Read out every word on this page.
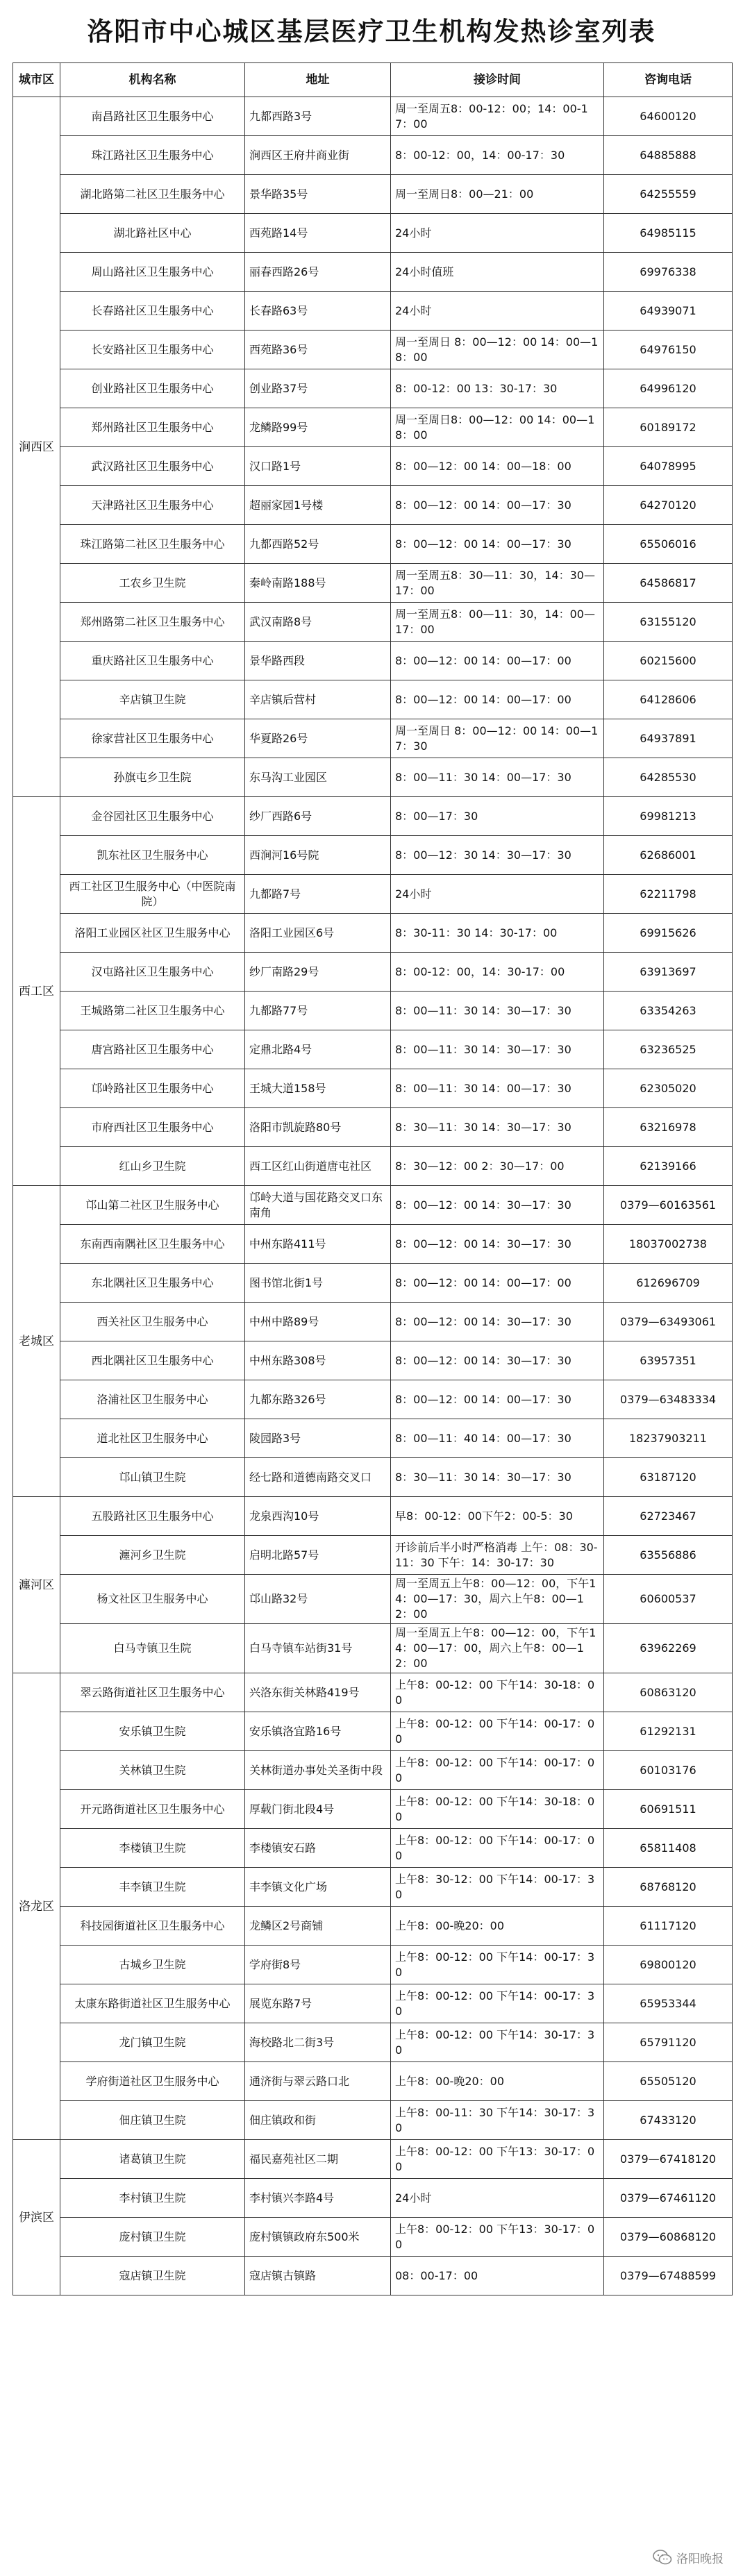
洛阳市中心城区基层医疗卫生机构发热诊室列表
城市区	机构名称	地址	接诊时间	咨询电话
涧西区	南昌路社区卫生服务中心	九都西路3号	周一至周五8：00-12：00；14：00-17：00	64600120
	珠江路社区卫生服务中心	涧西区王府井商业街	8：00-12：00，14：00-17：30	64885888
	湖北路第二社区卫生服务中心	景华路35号	周一至周日8：00—21：00	64255559
	湖北路社区中心	西苑路14号	24小时	64985115
	周山路社区卫生服务中心	丽春西路26号	24小时值班	69976338
	长春路社区卫生服务中心	长春路63号	24小时	64939071
	长安路社区卫生服务中心	西苑路36号	周一至周日 8：00—12：00 14：00—18：00	64976150
	创业路社区卫生服务中心	创业路37号	8：00-12：00 13：30-17：30	64996120
	郑州路社区卫生服务中心	龙鳞路99号	周一至周日8：00—12：00 14：00—18：00	60189172
	武汉路社区卫生服务中心	汉口路1号	8：00—12：00 14：00—18：00	64078995
	天津路社区卫生服务中心	超丽家园1号楼	8：00—12：00 14：00—17：30	64270120
	珠江路第二社区卫生服务中心	九都西路52号	8：00—12：00 14：00—17：30	65506016
	工农乡卫生院	秦岭南路188号	周一至周五8：30—11：30，14：30—17：00	64586817
	郑州路第二社区卫生服务中心	武汉南路8号	周一至周五8：00—11：30，14：00—17：00	63155120
	重庆路社区卫生服务中心	景华路西段	8：00—12：00 14：00—17：00	60215600
	辛店镇卫生院	辛店镇后营村	8：00—12：00 14：00—17：00	64128606
	徐家营社区卫生服务中心	华夏路26号	周一至周日 8：00—12：00 14：00—17：30	64937891
	孙旗屯乡卫生院	东马沟工业园区	8：00—11：30 14：00—17：30	64285530
西工区	金谷园社区卫生服务中心	纱厂西路6号	8：00—17：30	69981213
	凯东社区卫生服务中心	西涧河16号院	8：00—12：30 14：30—17：30	62686001
	西工社区卫生服务中心（中医院南院）	九都路7号	24小时	62211798
	洛阳工业园区社区卫生服务中心	洛阳工业园区6号	8：30-11：30 14：30-17：00	69915626
	汉屯路社区卫生服务中心	纱厂南路29号	8：00-12：00，14：30-17：00	63913697
	王城路第二社区卫生服务中心	九都路77号	8：00—11：30 14：30—17：30	63354263
	唐宫路社区卫生服务中心	定鼎北路4号	8：00—11：30 14：30—17：30	63236525
	邙岭路社区卫生服务中心	王城大道158号	8：00—11：30 14：00—17：30	62305020
	市府西社区卫生服务中心	洛阳市凯旋路80号	8：30—11：30 14：30—17：30	63216978
	红山乡卫生院	西工区红山街道唐屯社区	8：30—12：00 2：30—17：00	62139166
老城区	邙山第二社区卫生服务中心	邙岭大道与国花路交叉口东南角	8：00—12：00 14：30—17：30	0379—60163561
	东南西南隅社区卫生服务中心	中州东路411号	8：00—12：00 14：30—17：30	18037002738
	东北隅社区卫生服务中心	图书馆北街1号	8：00—12：00 14：00—17：00	612696709
	西关社区卫生服务中心	中州中路89号	8：00—12：00 14：30—17：30	0379—63493061
	西北隅社区卫生服务中心	中州东路308号	8：00—12：00 14：30—17：30	63957351
	洛浦社区卫生服务中心	九都东路326号	8：00—12：00 14：00—17：30	0379—63483334
	道北社区卫生服务中心	陵园路3号	8：00—11：40 14：00—17：30	18237903211
	邙山镇卫生院	经七路和道德南路交叉口	8：30—11：30 14：30—17：30	63187120
瀍河区	五股路社区卫生服务中心	龙泉西沟10号	早8：00-12：00下午2：00-5：30	62723467
	瀍河乡卫生院	启明北路57号	开诊前后半小时严格消毒 上午：08：30-11：30 下午：14：30-17：30	63556886
	杨文社区卫生服务中心	邙山路32号	周一至周五上午8：00—12：00，下午14：00—17：30，周六上午8：00—12：00	60600537
	白马寺镇卫生院	白马寺镇车站街31号	周一至周五上午8：00—12：00，下午14：00—17：00，周六上午8：00—12：00	63962269
洛龙区	翠云路街道社区卫生服务中心	兴洛东街关林路419号	上午8：00-12：00 下午14：30-18：00	60863120
	安乐镇卫生院	安乐镇洛宜路16号	上午8：00-12：00 下午14：00-17：00	61292131
	关林镇卫生院	关林街道办事处关圣街中段	上午8：00-12：00 下午14：00-17：00	60103176
	开元路街道社区卫生服务中心	厚载门街北段4号	上午8：00-12：00 下午14：30-18：00	60691511
	李楼镇卫生院	李楼镇安石路	上午8：00-12：00 下午14：00-17：00	65811408
	丰李镇卫生院	丰李镇文化广场	上午8：30-12：00 下午14：00-17：30	68768120
	科技园街道社区卫生服务中心	龙鳞区2号商铺	上午8：00-晚20：00	61117120
	古城乡卫生院	学府街8号	上午8：00-12：00 下午14：00-17：30	69800120
	太康东路街道社区卫生服务中心	展览东路7号	上午8：00-12：00 下午14：00-17：30	65953344
	龙门镇卫生院	海校路北二街3号	上午8：00-12：00 下午14：30-17：30	65791120
	学府街道社区卫生服务中心	通济街与翠云路口北	上午8：00-晚20：00	65505120
	佃庄镇卫生院	佃庄镇政和街	上午8：00-11：30 下午14：30-17：30	67433120
伊滨区	诸葛镇卫生院	福民嘉苑社区二期	上午8：00-12：00 下午13：30-17：00	0379—67418120
	李村镇卫生院	李村镇兴李路4号	24小时	0379—67461120
	庞村镇卫生院	庞村镇镇政府东500米	上午8：00-12：00 下午13：30-17：00	0379—60868120
	寇店镇卫生院	寇店镇古镇路	08：00-17：00	0379—67488599
洛阳晚报
